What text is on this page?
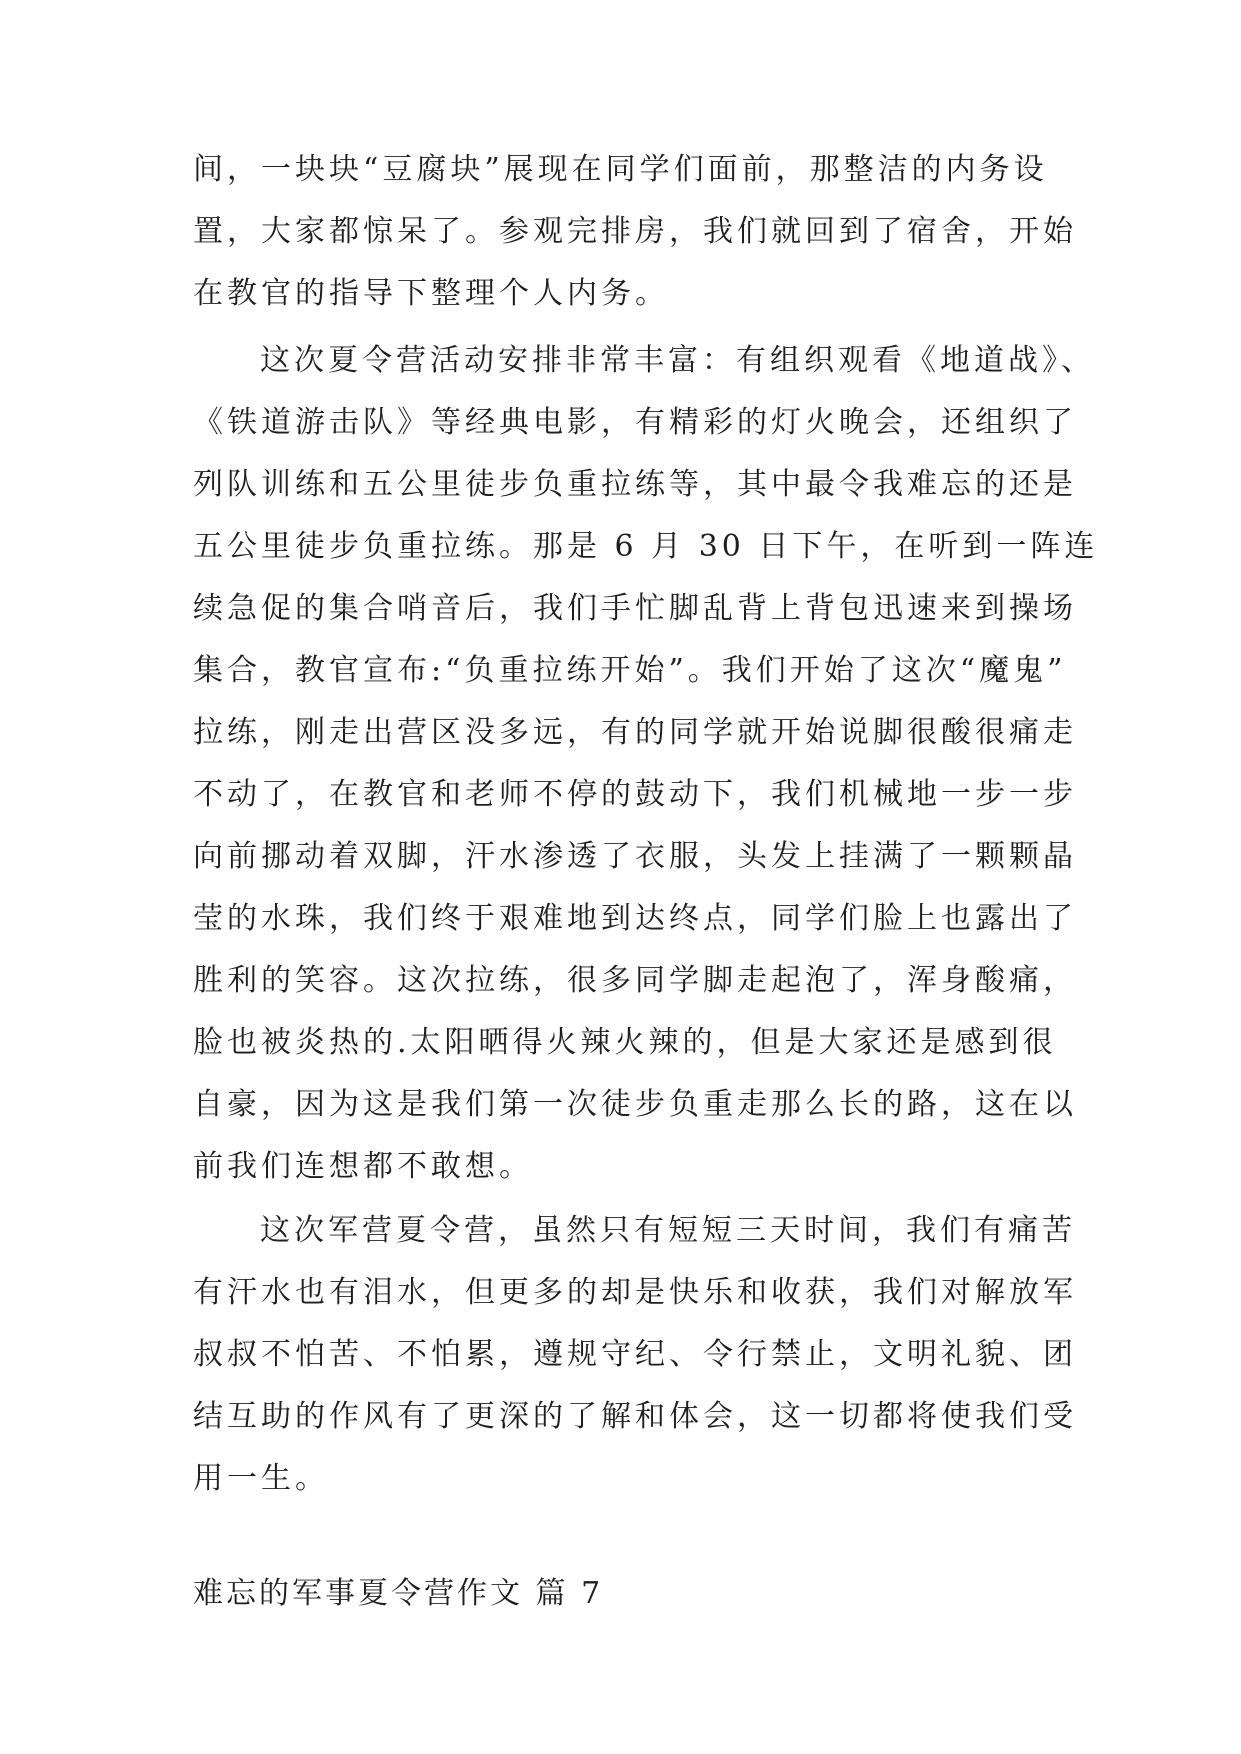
间，一块块“豆腐块”展现在同学们面前，那整洁的内务设

置，大家都惊呆了。参观完排房，我们就回到了宿舍，开始

在教官的指导下整理个人内务。

这次夏令营活动安排非常丰富：有组织观看《地道战》、

《铁道游击队》等经典电影，有精彩的灯火晚会，还组织了

列队训练和五公里徒步负重拉练等，其中最令我难忘的还是

五公里徒步负重拉练。那是 6 月 30 日下午，在听到一阵连

续急促的集合哨音后，我们手忙脚乱背上背包迅速来到操场

集合，教官宣布:“负重拉练开始”。我们开始了这次“魔鬼”

拉练，刚走出营区没多远，有的同学就开始说脚很酸很痛走

不动了，在教官和老师不停的鼓动下，我们机械地一步一步

向前挪动着双脚，汗水渗透了衣服，头发上挂满了一颗颗晶

莹的水珠，我们终于艰难地到达终点，同学们脸上也露出了

胜利的笑容。这次拉练，很多同学脚走起泡了，浑身酸痛，

脸也被炎热的.太阳晒得火辣火辣的，但是大家还是感到很

自豪，因为这是我们第一次徒步负重走那么长的路，这在以

前我们连想都不敢想。

这次军营夏令营，虽然只有短短三天时间，我们有痛苦

有汗水也有泪水，但更多的却是快乐和收获，我们对解放军

叔叔不怕苦、不怕累，遵规守纪、令行禁止，文明礼貌、团

结互助的作风有了更深的了解和体会，这一切都将使我们受

用一生。

难忘的军事夏令营作文 篇 7
